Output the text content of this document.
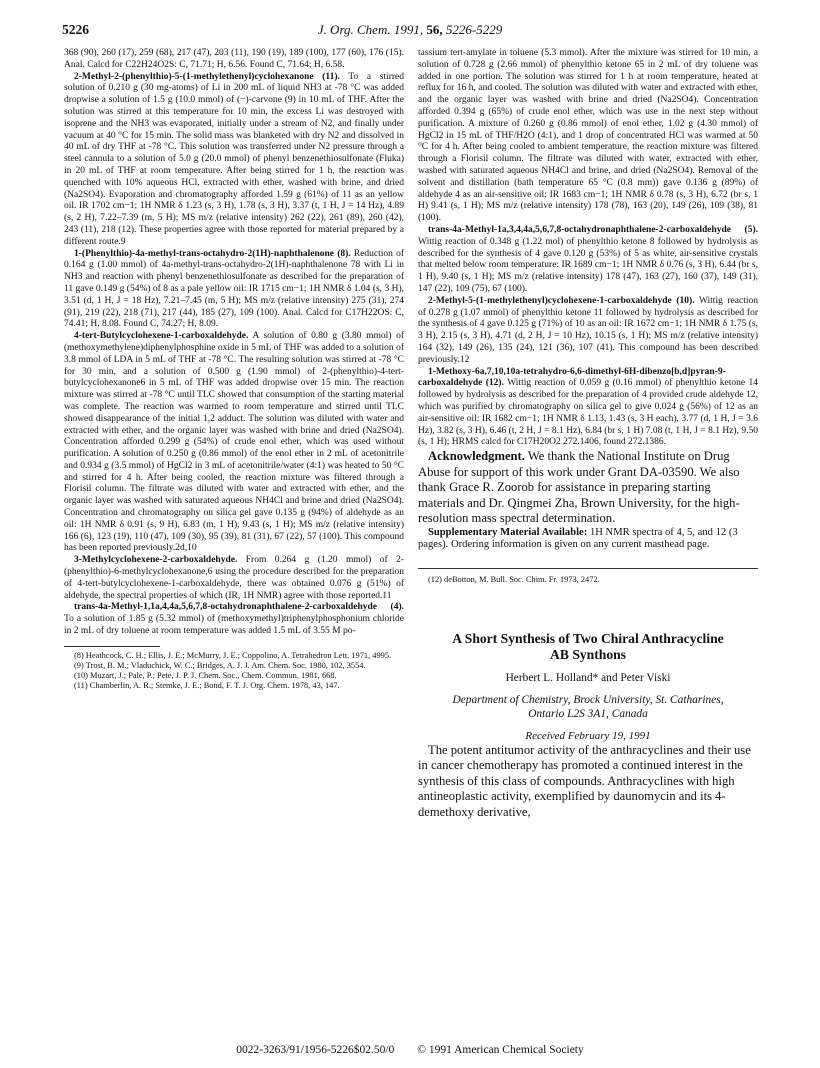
5226	J. Org. Chem. 1991, 56, 5226-5229

368 (90), 260 (17), 259 (68), 217 (47), 203 (11), 190 (19), 189 (100), 177 (60), 176 (15). Anal. Calcd for C22H24O2S: C, 71.71; H, 6.56. Found C, 71.64; H, 6.58.

2-Methyl-2-(phenylthio)-5-(1-methylethenyl)cyclohexanone (11). To a stirred solution of 0.210 g (30 mg-atoms) of Li in 200 mL of liquid NH3 at -78 °C was added dropwise a solution of 1.5 g (10.0 mmol) of (−)-carvone (9) in 10 mL of THF. After the solution was stirred at this temperature for 10 min, the excess Li was destroyed with isoprene and the NH3 was evaporated, initially under a stream of N2, and finally under vacuum at 40 °C for 15 min. The solid mass was blanketed with dry N2 and dissolved in 40 mL of dry THF at -78 °C. This solution was transferred under N2 pressure through a steel cannula to a solution of 5.0 g (20.0 mmol) of phenyl benzenethiosulfonate (Fluka) in 20 mL of THF at room temperature. After being stirred for 1 h, the reaction was quenched with 10% aqueous HCl, extracted with ether, washed with brine, and dried (Na2SO4). Evaporation and chromatography afforded 1.59 g (61%) of 11 as an yellow oil. IR 1702 cm−1; 1H NMR δ 1.23 (s, 3 H), 1.78 (s, 3 H), 3.37 (t, 1 H, J = 14 Hz), 4.89 (s, 2 H), 7.22–7.39 (m, 5 H); MS m/z (relative intensity) 262 (22), 261 (89), 260 (42), 243 (11), 218 (12). These properties agree with those reported for material prepared by a different route.9

1-(Phenylthio)-4a-methyl-trans-octahydro-2(1H)-naphthalenone (8). Reduction of 0.164 g (1.00 mmol) of 4a-methyl-trans-octahydro-2(1H)-naphthalenone 78 with Li in NH3 and reaction with phenyl benzenethiosulfonate as described for the preparation of 11 gave 0.149 g (54%) of 8 as a pale yellow oil: IR 1715 cm−1; 1H NMR δ 1.04 (s, 3 H), 3.51 (d, 1 H, J = 18 Hz), 7.21–7.45 (m, 5 H); MS m/z (relative intensity) 275 (31), 274 (91), 219 (22), 218 (71), 217 (44), 185 (27), 109 (100). Anal. Calcd for C17H22OS: C, 74.41; H, 8.08. Found C, 74.27; H, 8.09.

4-tert-Butylcyclohexene-1-carboxaldehyde. A solution of 0.80 g (3.80 mmol) of (methoxymethylene)diphenylphosphine oxide in 5 mL of THF was added to a solution of 3.8 mmol of LDA in 5 mL of THF at -78 °C. The resulting solution was stirred at -78 °C for 30 min, and a solution of 0.500 g (1.90 mmol) of 2-(phenylthio)-4-tert-butylcyclohexanone6 in 5 mL of THF was added dropwise over 15 min. The reaction mixture was stirred at -78 °C until TLC showed that consumption of the starting material was complete. The reaction was warmed to room temperature and stirred until TLC showed disappearance of the initial 1,2 adduct. The solution was diluted with water and extracted with ether, and the organic layer was washed with brine and dried (Na2SO4). Concentration afforded 0.299 g (54%) of crude enol ether, which was used without purification. A solution of 0.250 g (0.86 mmol) of the enol ether in 2 mL of acetonitrile and 0.934 g (3.5 mmol) of HgCl2 in 3 mL of acetonitrile/water (4:1) was heated to 50 °C and stirred for 4 h. After being cooled, the reaction mixture was filtered through a Florisil column. The filtrate was diluted with water and extracted with ether, and the organic layer was washed with saturated aqueous NH4Cl and brine and dried (Na2SO4). Concentration and chromatography on silica gel gave 0.135 g (94%) of aldehyde as an oil: 1H NMR δ 0.91 (s, 9 H), 6.83 (m, 1 H), 9.43 (s, 1 H); MS m/z (relative intensity) 166 (6), 123 (19), 110 (47), 109 (30), 95 (39), 81 (31), 67 (22), 57 (100). This compound has been reported previously.2d,10

3-Methylcyclohexene-2-carboxaldehyde. From 0.264 g (1.20 mmol) of 2-(phenylthio)-6-methylcyclohexanone,6 using the procedure described for the preparation of 4-tert-butylcyclohexene-1-carboxaldehyde, there was obtained 0.076 g (51%) of aldehyde, the spectral properties of which (IR, 1H NMR) agree with those reported.11

trans-4a-Methyl-1,1a,4,4a,5,6,7,8-octahydronaphthalene-2-carboxaldehyde (4). To a solution of 1.85 g (5.32 mmol) of (methoxymethyl)triphenylphosphonium chloride in 2 mL of dry toluene at room temperature was added 1.5 mL of 3.55 M po-

(8) Heathcock, C. H.; Ellis, J. E.; McMurry, J. E.; Coppolino, A. Tetrahedron Lett. 1971, 4995.

(9) Trost, B. M.; Vladuchick, W. C.; Bridges, A. J. J. Am. Chem. Soc. 1980, 102, 3554.

(10) Muzart, J.; Pale, P.; Pete, J. P. J. Chem. Soc., Chem. Commun. 1981, 668.

(11) Chamberlin, A. R.; Stemke, J. E.; Bond, F. T. J. Org. Chem. 1978, 43, 147.

tassium tert-amylate in toluene (5.3 mmol). After the mixture was stirred for 10 min, a solution of 0.728 g (2.66 mmol) of phenylthio ketone 65 in 2 mL of dry toluene was added in one portion. The solution was stirred for 1 h at room temperature, heated at reflux for 16 h, and cooled. The solution was diluted with water and extracted with ether, and the organic layer was washed with brine and dried (Na2SO4). Concentration afforded 0.394 g (65%) of crude enol ether, which was use in the next step without purification. A mixture of 0.260 g (0.86 mmol) of enol ether, 1.02 g (4.30 mmol) of HgCl2 in 15 mL of THF/H2O (4:1), and 1 drop of concentrated HCl was warmed at 50 °C for 4 h. After being cooled to ambient temperature, the reaction mixture was filtered through a Florisil column. The filtrate was diluted with water, extracted with ether, washed with saturated aqueous NH4Cl and brine, and dried (Na2SO4). Removal of the solvent and distillation (bath temperature 65 °C (0.8 mm)) gave 0.136 g (89%) of aldehyde 4 as an air-sensitive oil: IR 1683 cm−1; 1H NMR δ 0.78 (s, 3 H), 6.72 (br s, 1 H) 9.41 (s, 1 H); MS m/z (relative intensity) 178 (78), 163 (20), 149 (26), 109 (38), 81 (100).

trans-4a-Methyl-1a,3,4,4a,5,6,7,8-octahydronaphthalene-2-carboxaldehyde (5). Wittig reaction of 0.348 g (1.22 mol) of phenylthio ketone 8 followed by hydrolysis as described for the synthesis of 4 gave 0.120 g (53%) of 5 as white, air-sensitive crystals that melted below room temperature: IR 1689 cm−1; 1H NMR δ 0.76 (s, 3 H), 6.44 (br s, 1 H), 9.40 (s, 1 H); MS m/z (relative intensity) 178 (47), 163 (27), 160 (37), 149 (31), 147 (22), 109 (75), 67 (100).

2-Methyl-5-(1-methylethenyl)cyclohexene-1-carboxaldehyde (10). Wittig reaction of 0.278 g (1.07 mmol) of phenylthio ketone 11 followed by hydrolysis as described for the synthesis of 4 gave 0.125 g (71%) of 10 as an oil: IR 1672 cm−1; 1H NMR δ 1.75 (s, 3 H), 2.15 (s, 3 H), 4.71 (d, 2 H, J = 10 Hz), 10.15 (s, 1 H); MS m/z (relative intensity) 164 (32), 149 (26), 135 (24), 121 (36), 107 (41). This compound has been described previously.12

1-Methoxy-6a,7,10,10a-tetrahydro-6,6-dimethyl-6H-dibenzo[b,d]pyran-9-carboxaldehyde (12). Wittig reaction of 0.059 g (0.16 mmol) of phenylthio ketone 14 followed by hydrolysis as described for the preparation of 4 provided crude aldehyde 12, which was purified by chromatography on silica gel to give 0.024 g (56%) of 12 as an air-sensitive oil: IR 1682 cm−1; 1H NMR δ 1.13, 1.43 (s, 3 H each), 3.77 (d, 1 H, J = 3.6 Hz), 3.82 (s, 3 H), 6.46 (t, 2 H, J = 8.1 Hz), 6.84 (br s, 1 H) 7.08 (t, 1 H, J = 8.1 Hz), 9.50 (s, 1 H); HRMS calcd for C17H20O2 272.1406, found 272.1386.

Acknowledgment. We thank the National Institute on Drug Abuse for support of this work under Grant DA-03590. We also thank Grace R. Zoorob for assistance in preparing starting materials and Dr. Qingmei Zha, Brown University, for the high-resolution mass spectral determination.

Supplementary Material Available: 1H NMR spectra of 4, 5, and 12 (3 pages). Ordering information is given on any current masthead page.

(12) deBotton, M. Bull. Soc. Chim. Fr. 1973, 2472.

A Short Synthesis of Two Chiral Anthracycline
AB Synthons
Herbert L. Holland* and Peter Viski
Department of Chemistry, Brock University, St. Catharines,
Ontario L2S 3A1, Canada
Received February 19, 1991

The potent antitumor activity of the anthracyclines and their use in cancer chemotherapy has promoted a continued interest in the synthesis of this class of compounds. Anthracyclines with high antineoplastic activity, exemplified by daunomycin and its 4-demethoxy derivative,

0022-3263/91/1956-5226$02.50/0 © 1991 American Chemical Society
